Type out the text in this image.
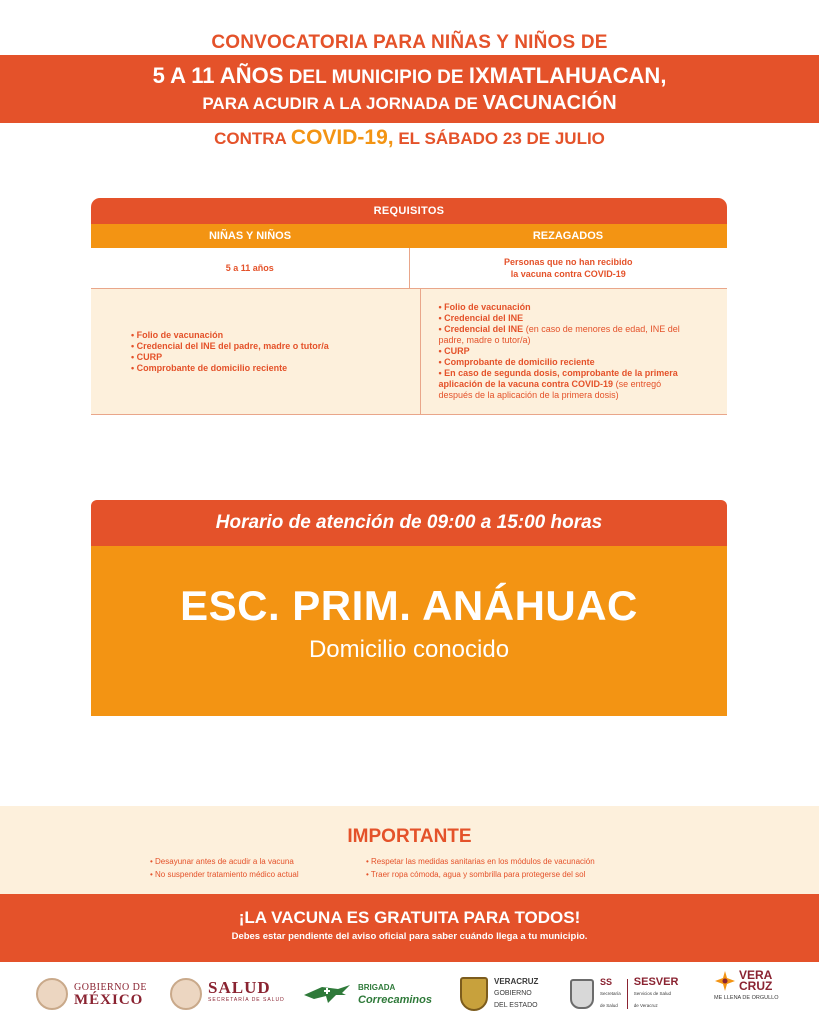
CONVOCATORIA PARA NIÑAS Y NIÑOS DE
5 A 11 AÑOS DEL MUNICIPIO DE IXMATLAHUACAN,
PARA ACUDIR A LA JORNADA DE VACUNACIÓN
CONTRA COVID-19, EL SÁBADO 23 DE JULIO
REQUISITOS
NIÑAS Y NIÑOS	REZAGADOS
5 a 11 años
Personas que no han recibido
la vacuna contra COVID-19
• Folio de vacunación
• Credencial del INE del padre, madre o tutor/a
• CURP
• Comprobante de domicilio reciente
• Folio de vacunación
• Credencial del INE
• Credencial del INE (en caso de menores de edad, INE del
padre, madre o tutor/a)
• CURP
• Comprobante de domicilio reciente
• En caso de segunda dosis, comprobante de la primera
aplicación de la vacuna contra COVID-19 (se entregó
después de la aplicación de la primera dosis)
Horario de atención de 09:00 a 15:00 horas
ESC. PRIM. ANÁHUAC
Domicilio conocido
IMPORTANTE
• Desayunar antes de acudir a la vacuna
• No suspender tratamiento médico actual
• Respetar las medidas sanitarias en los módulos de vacunación
• Traer ropa cómoda, agua y sombrilla para protegerse del sol
¡LA VACUNA ES GRATUITA PARA TODOS!
Debes estar pendiente del aviso oficial para saber cuándo llega a tu municipio.
GOBIERNO DE
MÉXICO
SALUD
SECRETARÍA DE SALUD
BRIGADA
Correcaminos
VERACRUZ
GOBIERNO
DEL ESTADO
SS
Secretaría
de Salud
SESVER
Servicios de Salud
de Veracruz
VERA
CRUZ
ME LLENA DE ORGULLO
